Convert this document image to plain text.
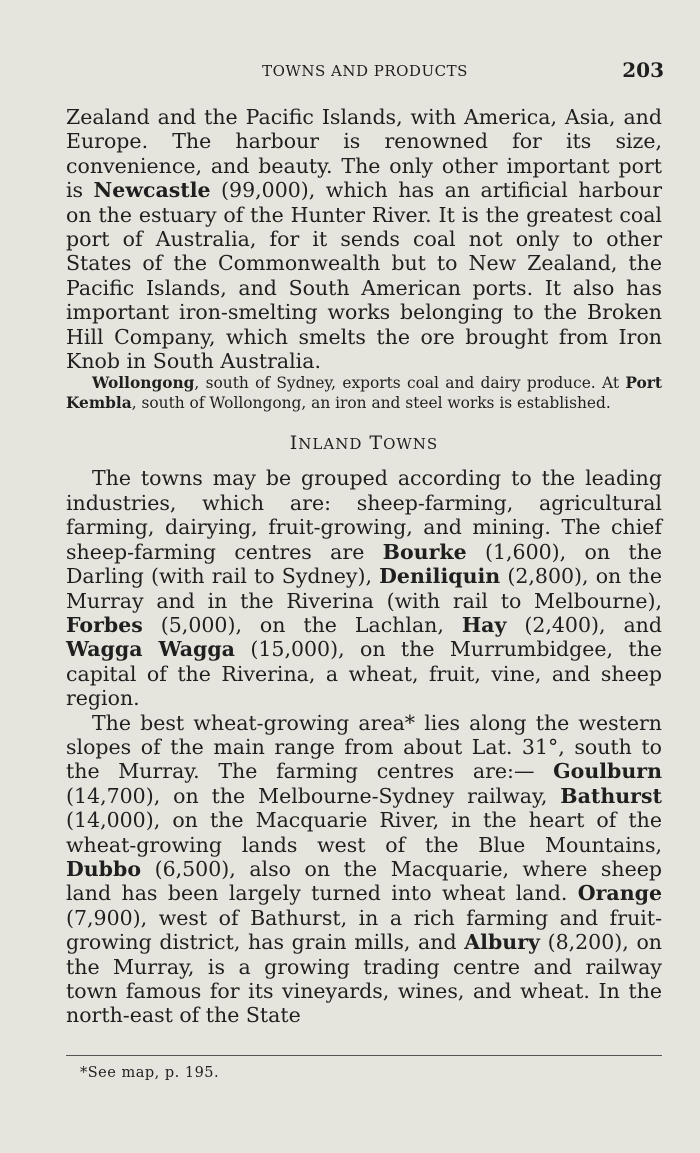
TOWNS AND PRODUCTS	203

Zealand and the Pacific Islands, with America, Asia, and Europe. The harbour is renowned for its size, convenience, and beauty. The only other important port is Newcastle (99,000), which has an artificial harbour on the estuary of the Hunter River. It is the greatest coal port of Australia, for it sends coal not only to other States of the Commonwealth but to New Zealand, the Pacific Islands, and South American ports. It also has important iron-smelting works belonging to the Broken Hill Company, which smelts the ore brought from Iron Knob in South Australia.

Wollongong, south of Sydney, exports coal and dairy produce. At Port Kembla, south of Wollongong, an iron and steel works is established.

INLAND TOWNS

The towns may be grouped according to the leading industries, which are: sheep-farming, agricultural farming, dairying, fruit-growing, and mining. The chief sheep-farming centres are Bourke (1,600), on the Darling (with rail to Sydney), Deniliquin (2,800), on the Murray and in the Riverina (with rail to Melbourne), Forbes (5,000), on the Lachlan, Hay (2,400), and Wagga Wagga (15,000), on the Murrumbidgee, the capital of the Riverina, a wheat, fruit, vine, and sheep region.

The best wheat-growing area* lies along the western slopes of the main range from about Lat. 31°, south to the Murray. The farming centres are:— Goulburn (14,700), on the Melbourne-Sydney railway, Bathurst (14,000), on the Macquarie River, in the heart of the wheat-growing lands west of the Blue Mountains, Dubbo (6,500), also on the Macquarie, where sheep land has been largely turned into wheat land. Orange (7,900), west of Bathurst, in a rich farming and fruit-growing district, has grain mills, and Albury (8,200), on the Murray, is a growing trading centre and railway town famous for its vineyards, wines, and wheat. In the north-east of the State

*See map, p. 195.
